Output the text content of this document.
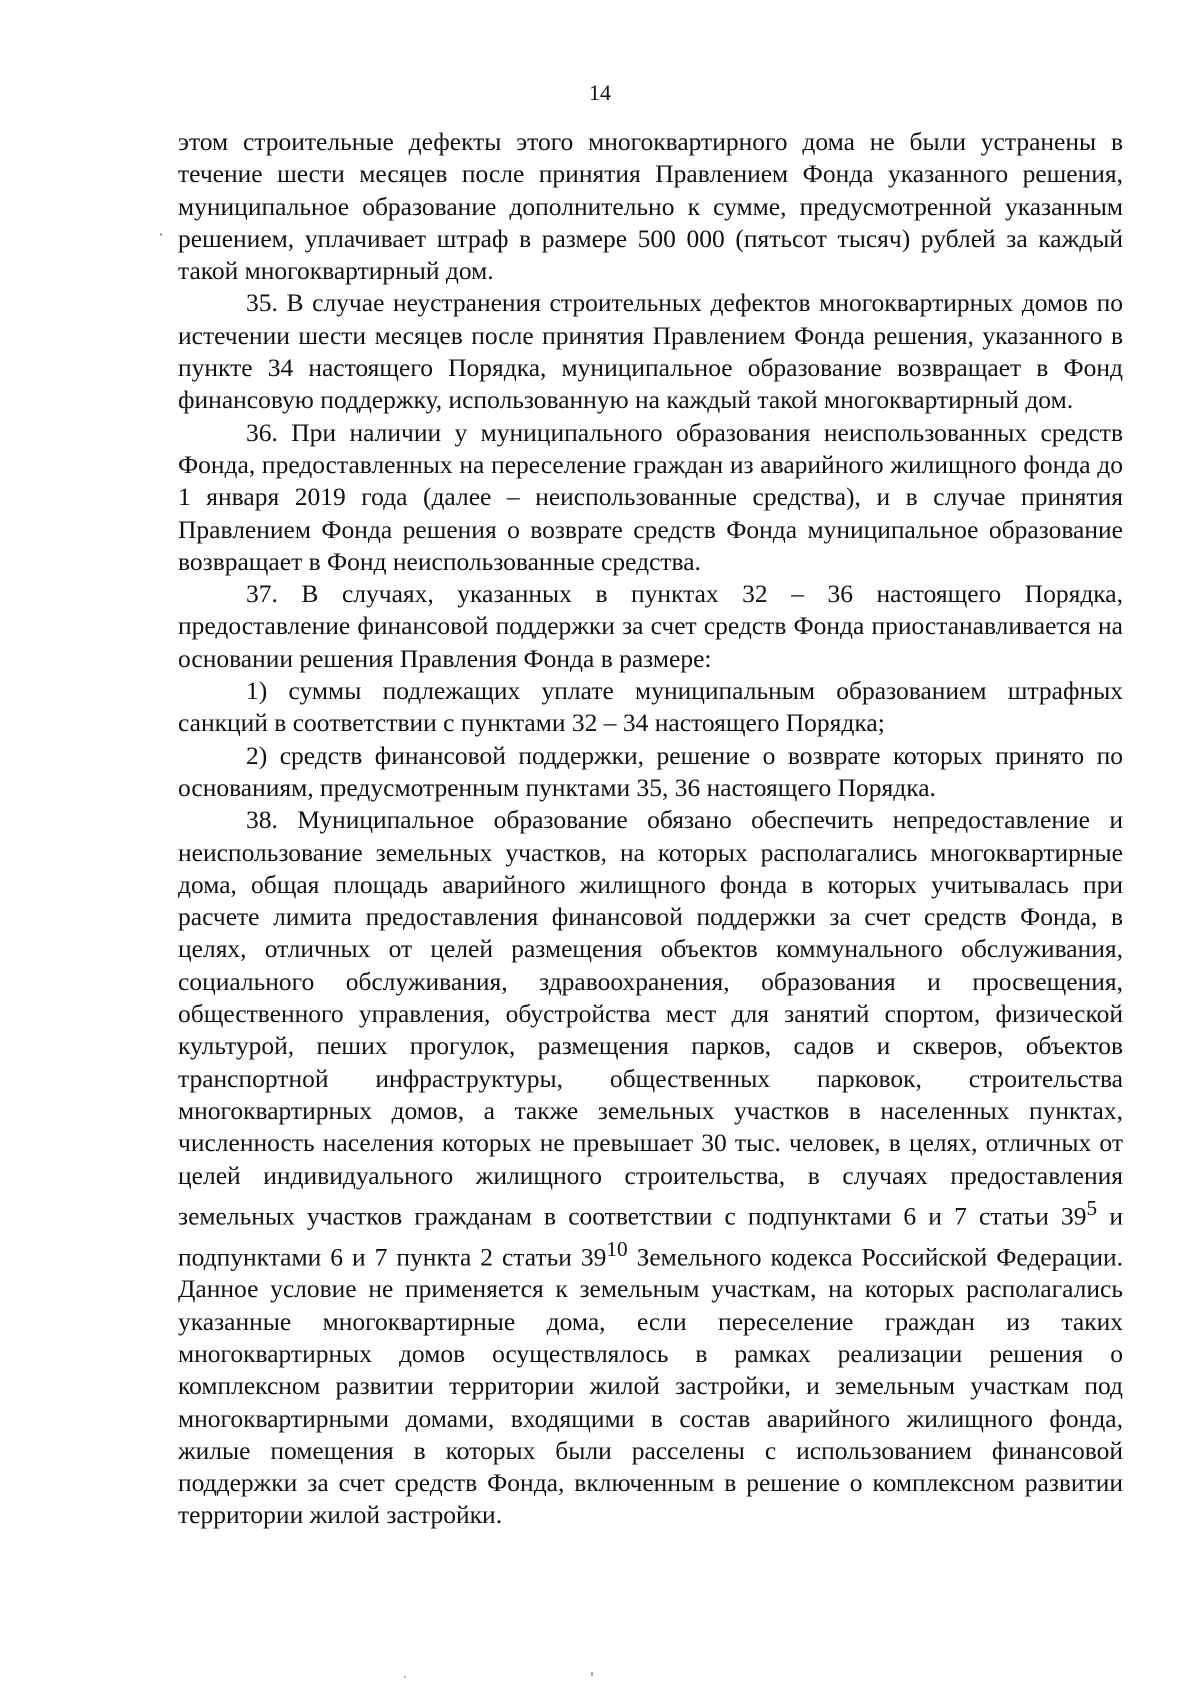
14

этом строительные дефекты этого многоквартирного дома не были устранены в течение шести месяцев после принятия Правлением Фонда указанного решения, муниципальное образование дополнительно к сумме, предусмотренной указанным решением, уплачивает штраф в размере 500 000 (пятьсот тысяч) рублей за каждый такой многоквартирный дом.

35. В случае неустранения строительных дефектов многоквартирных домов по истечении шести месяцев после принятия Правлением Фонда решения, указанного в пункте 34 настоящего Порядка, муниципальное образование возвращает в Фонд финансовую поддержку, использованную на каждый такой многоквартирный дом.

36. При наличии у муниципального образования неиспользованных средств Фонда, предоставленных на переселение граждан из аварийного жилищного фонда до 1 января 2019 года (далее – неиспользованные средства), и в случае принятия Правлением Фонда решения о возврате средств Фонда муниципальное образование возвращает в Фонд неиспользованные средства.

37. В случаях, указанных в пунктах 32 – 36 настоящего Порядка, предоставление финансовой поддержки за счет средств Фонда приостанавливается на основании решения Правления Фонда в размере:

1) суммы подлежащих уплате муниципальным образованием штрафных санкций в соответствии с пунктами 32 – 34 настоящего Порядка;

2) средств финансовой поддержки, решение о возврате которых принято по основаниям, предусмотренным пунктами 35, 36 настоящего Порядка.

38. Муниципальное образование обязано обеспечить непредоставление и неиспользование земельных участков, на которых располагались многоквартирные дома, общая площадь аварийного жилищного фонда в которых учитывалась при расчете лимита предоставления финансовой поддержки за счет средств Фонда, в целях, отличных от целей размещения объектов коммунального обслуживания, социального обслуживания, здравоохранения, образования и просвещения, общественного управления, обустройства мест для занятий спортом, физической культурой, пеших прогулок, размещения парков, садов и скверов, объектов транспортной инфраструктуры, общественных парковок, строительства многоквартирных домов, а также земельных участков в населенных пунктах, численность населения которых не превышает 30 тыс. человек, в целях, отличных от целей индивидуального жилищного строительства, в случаях предоставления земельных участков гражданам в соответствии с подпунктами 6 и 7 статьи $39^5$ и подпунктами 6 и 7 пункта 2 статьи $39^{10}$ Земельного кодекса Российской Федерации. Данное условие не применяется к земельным участкам, на которых располагались указанные многоквартирные дома, если переселение граждан из таких многоквартирных домов осуществлялось в рамках реализации решения о комплексном развитии территории жилой застройки, и земельным участкам под многоквартирными домами, входящими в состав аварийного жилищного фонда, жилые помещения в которых были расселены с использованием финансовой поддержки за счет средств Фонда, включенным в решение о комплексном развитии территории жилой застройки.
